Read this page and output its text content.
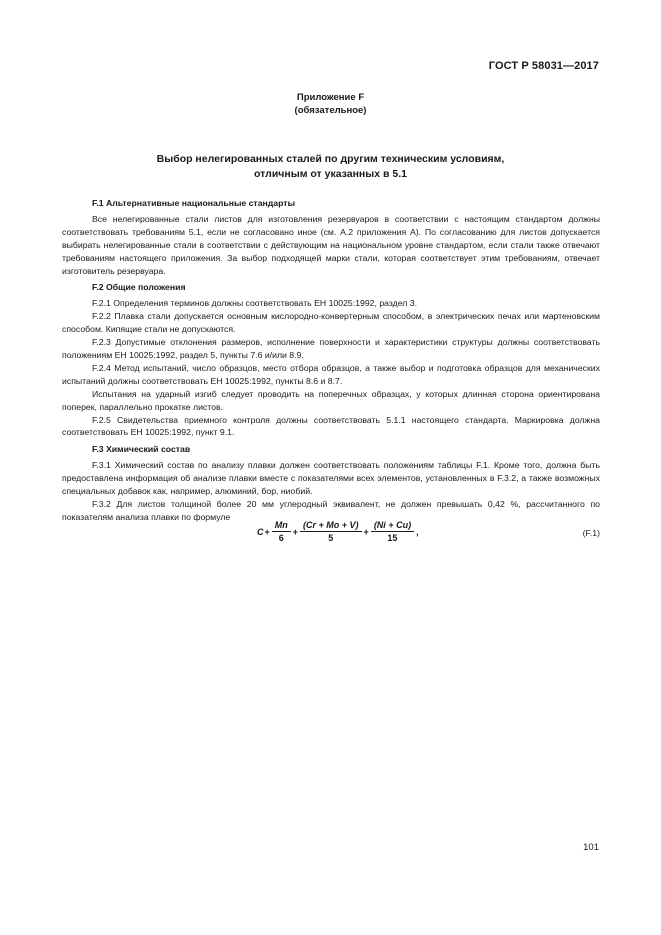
ГОСТ Р 58031—2017
Приложение F
(обязательное)
Выбор нелегированных сталей по другим техническим условиям,
отличным от указанных в 5.1

F.1 Альтернативные национальные стандарты

Все нелегированные стали листов для изготовления резервуаров в соответствии с настоящим стандартом должны соответствовать требованиям 5.1, если не согласовано иное (см. А.2 приложения А). По согласованию для листов допускается выбирать нелегированные стали в соответствии с действующим на национальном уровне стандартом, если стали также отвечают требованиям настоящего приложения. За выбор подходящей марки стали, которая соответствует этим требованиям, отвечает изготовитель резервуара.

F.2 Общие положения

F.2.1 Определения терминов должны соответствовать ЕН 10025:1992, раздел 3.

F.2.2 Плавка стали допускается основным кислородно-конвертерным способом, в электрических печах или мартеновским способом. Кипящие стали не допускаются.

F.2.3 Допустимые отклонения размеров, исполнение поверхности и характеристики структуры должны соответствовать положениям ЕН 10025:1992, раздел 5, пункты 7.6 и/или 8.9.

F.2.4 Метод испытаний, число образцов, место отбора образцов, а также выбор и подготовка образцов для механических испытаний должны соответствовать ЕН 10025:1992, пункты 8.6 и 8.7.

Испытания на ударный изгиб следует проводить на поперечных образцах, у которых длинная сторона ориентирована поперек, параллельно прокатке листов.

F.2.5 Свидетельства приемного контроля должны соответствовать 5.1.1 настоящего стандарта. Маркировка должна соответствовать ЕН 10025:1992, пункт 9.1.

F.3 Химический состав

F.3.1 Химический состав по анализу плавки должен соответствовать положениям таблицы F.1. Кроме того, должна быть предоставлена информация об анализе плавки вместе с показателями всех элементов, установленных в F.3.2, а также возможных специальных добавок как, например, алюминий, бор, ниобий.

F.3.2 Для листов толщиной более 20 мм углеродный эквивалент, не должен превышать 0,42 %, рассчитанного по показателям анализа плавки по формуле

$C + \frac{Mn}{6} + \frac{(Cr + Mo + V)}{5} + \frac{(Ni + Cu)}{15}$ ,	(F.1)
101
